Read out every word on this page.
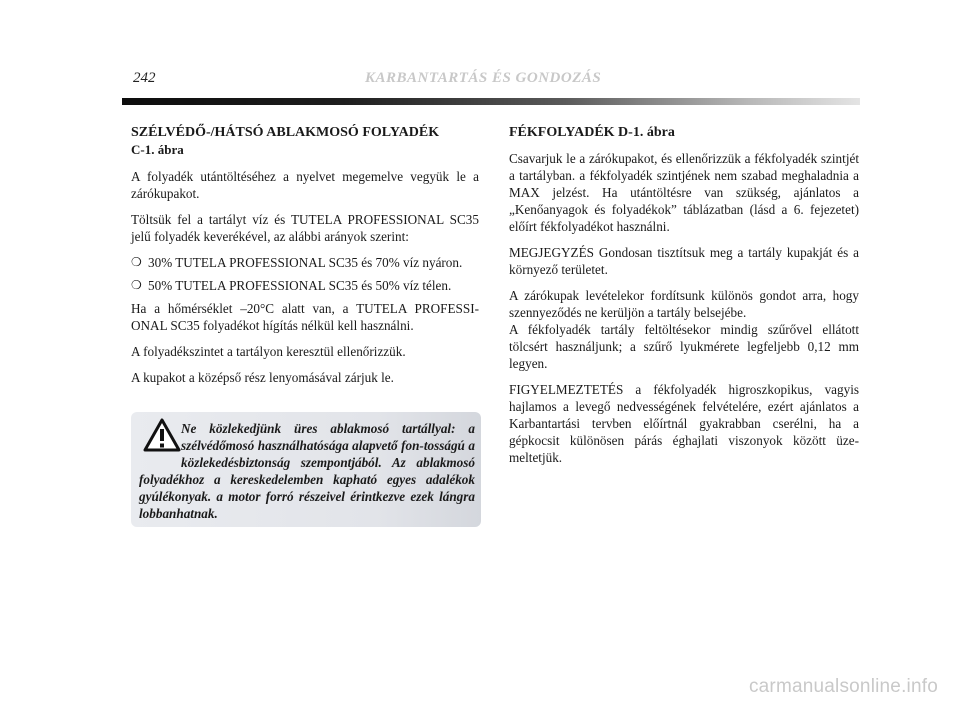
242	KARBANTARTÁS ÉS GONDOZÁS
SZÉLVÉDŐ-/HÁTSÓ ABLAKMOSÓ FOLYADÉK
C-1. ábra

A folyadék utántöltéséhez a nyelvet megemelve vegyük le a zárókupakot.

Töltsük fel a tartályt víz és TUTELA PROFESSIONAL SC35 jelű folyadék keverékével, az alábbi arányok szerint:

❍ 30% TUTELA PROFESSIONAL SC35 és 70% víz nyáron.
❍ 50% TUTELA PROFESSIONAL SC35 és 50% víz télen.

Ha a hőmérséklet –20°C alatt van, a TUTELA PROFESSI-ONAL SC35 folyadékot hígítás nélkül kell használni.

A folyadékszintet a tartályon keresztül ellenőrizzük.

A kupakot a középső rész lenyomásával zárjuk le.

Ne közlekedjünk üres ablakmosó tartállyal: a szélvédőmosó használhatósága alapvető fon-tosságú a közlekedésbiztonság szempontjából. Az ablakmosó folyadékhoz a kereskedelemben kapható egyes adalékok gyúlékonyak. a motor forró részeivel érintkezve ezek lángra lobbanhatnak.
FÉKFOLYADÉK D-1. ábra

Csavarjuk le a zárókupakot, és ellenőrizzük a fékfolyadék szintjét a tartályban. a fékfolyadék szintjének nem szabad meghaladnia a MAX jelzést. Ha utántöltésre van szükség, ajánlatos a „Kenőanyagok és folyadékok” táblázatban (lásd a 6. fejezetet) előírt fékfolyadékot használni.

MEGJEGYZÉS Gondosan tisztítsuk meg a tartály kupakját és a környező területet.

A zárókupak levételekor fordítsunk különös gondot arra, hogy szennyeződés ne kerüljön a tartály belsejébe.

A fékfolyadék tartály feltöltésekor mindig szűrővel ellátott tölcsért használjunk; a szűrő lyukmérete legfeljebb 0,12 mm legyen.

FIGYELMEZTETÉS a fékfolyadék higroszkopikus, vagyis hajlamos a levegő nedvességének felvételére, ezért ajánlatos a Karbantartási tervben előírtnál gyakrabban cserélni, ha a gépkocsit különösen párás éghajlati viszonyok között üze-meltetjük.

carmanualsonline.info
